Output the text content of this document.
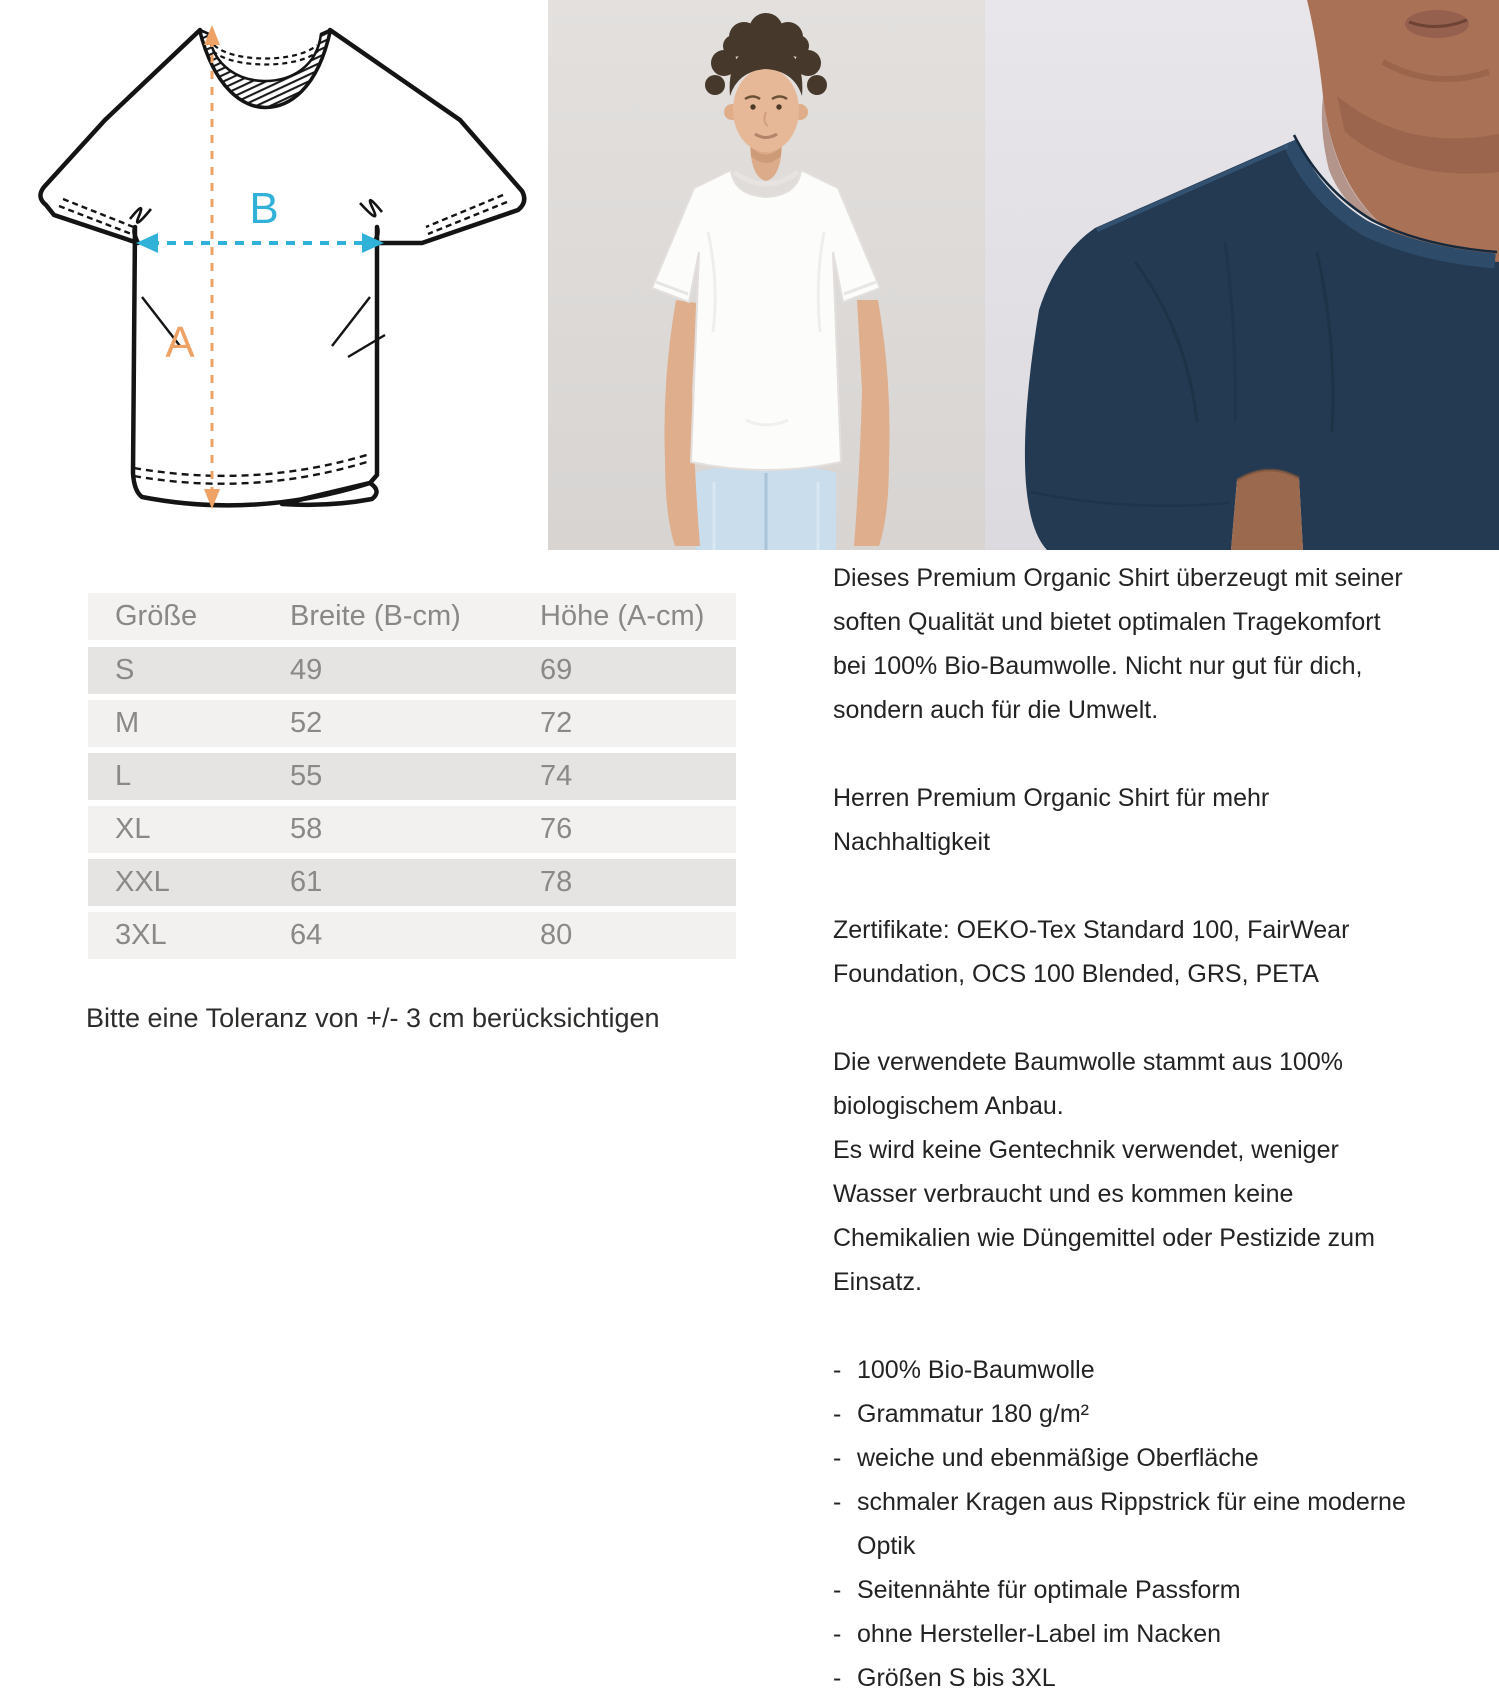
A
B
Größe	Breite (B-cm)	Höhe (A-cm)
S	49	69
M	52	72
L	55	74
XL	58	76
XXL	61	78
3XL	64	80
Bitte eine Toleranz von +/- 3 cm berücksichtigen

Dieses Premium Organic Shirt überzeugt mit seiner soften Qualität und bietet optimalen Tragekomfort bei 100% Bio-Baumwolle. Nicht nur gut für dich, sondern auch für die Umwelt.

Herren Premium Organic Shirt für mehr Nachhaltigkeit

Zertifikate: OEKO-Tex Standard 100, FairWear Foundation, OCS 100 Blended, GRS, PETA

Die verwendete Baumwolle stammt aus 100% biologischem Anbau.

Es wird keine Gentechnik verwendet, weniger Wasser verbraucht und es kommen keine Chemikalien wie Düngemittel oder Pestizide zum Einsatz.

- 100% Bio-Baumwolle
- Grammatur 180 g/m²
- weiche und ebenmäßige Oberfläche
- schmaler Kragen aus Rippstrick für eine moderne Optik
- Seitennähte für optimale Passform
- ohne Hersteller-Label im Nacken
- Größen S bis 3XL
